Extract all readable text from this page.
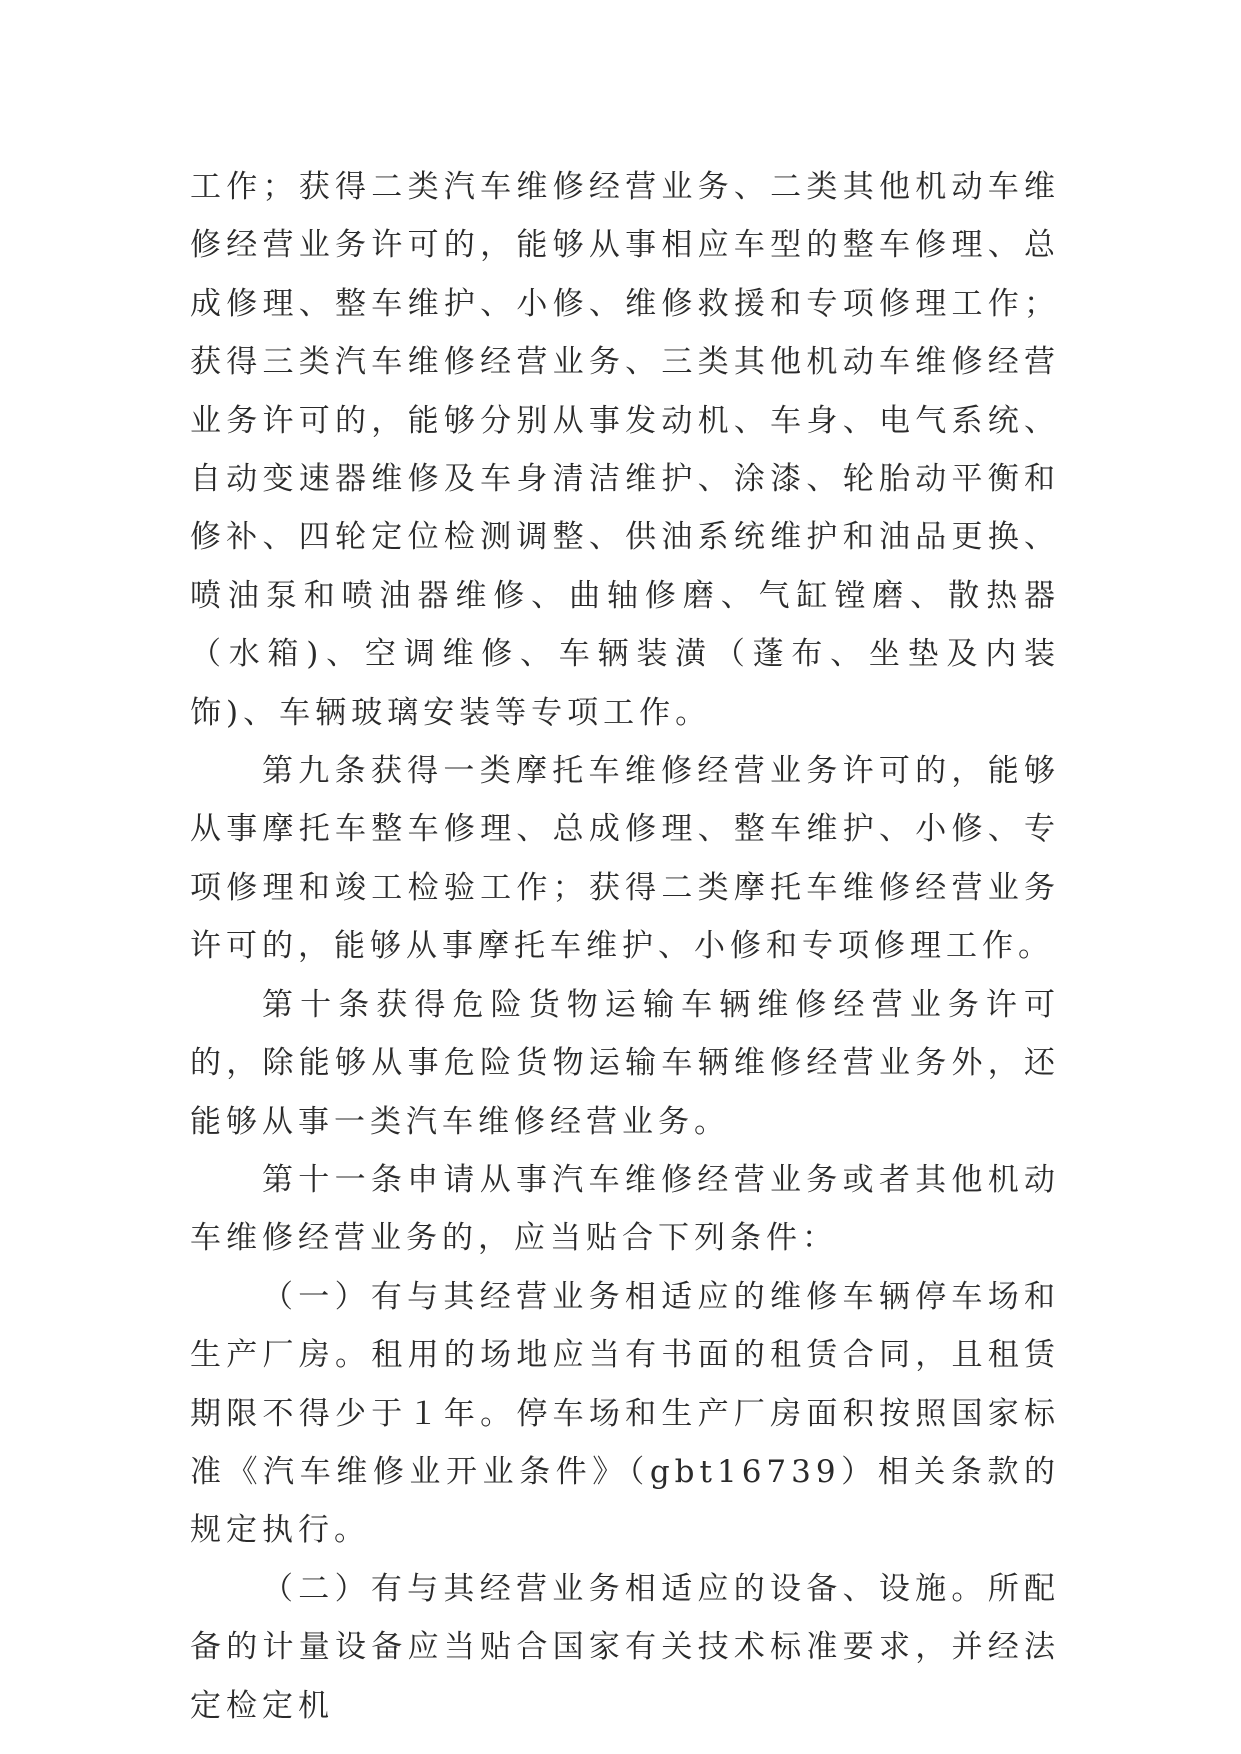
工作；获得二类汽车维修经营业务、二类其他机动车维修经营业务许可的，能够从事相应车型的整车修理、总成修理、整车维护、小修、维修救援和专项修理工作；获得三类汽车维修经营业务、三类其他机动车维修经营业务许可的，能够分别从事发动机、车身、电气系统、自动变速器维修及车身清洁维护、涂漆、轮胎动平衡和修补、四轮定位检测调整、供油系统维护和油品更换、喷油泵和喷油器维修、曲轴修磨、气缸镗磨、散热器（水箱)、空调维修、车辆装潢（蓬布、坐垫及内装饰)、车辆玻璃安装等专项工作。

第九条获得一类摩托车维修经营业务许可的，能够从事摩托车整车修理、总成修理、整车维护、小修、专项修理和竣工检验工作；获得二类摩托车维修经营业务许可的，能够从事摩托车维护、小修和专项修理工作。

第十条获得危险货物运输车辆维修经营业务许可的，除能够从事危险货物运输车辆维修经营业务外，还能够从事一类汽车维修经营业务。

第十一条申请从事汽车维修经营业务或者其他机动车维修经营业务的，应当贴合下列条件：

（一）有与其经营业务相适应的维修车辆停车场和生产厂房。租用的场地应当有书面的租赁合同，且租赁期限不得少于１年。停车场和生产厂房面积按照国家标准《汽车维修业开业条件》（gbt16739）相关条款的规定执行。

（二）有与其经营业务相适应的设备、设施。所配备的计量设备应当贴合国家有关技术标准要求，并经法定检定机
